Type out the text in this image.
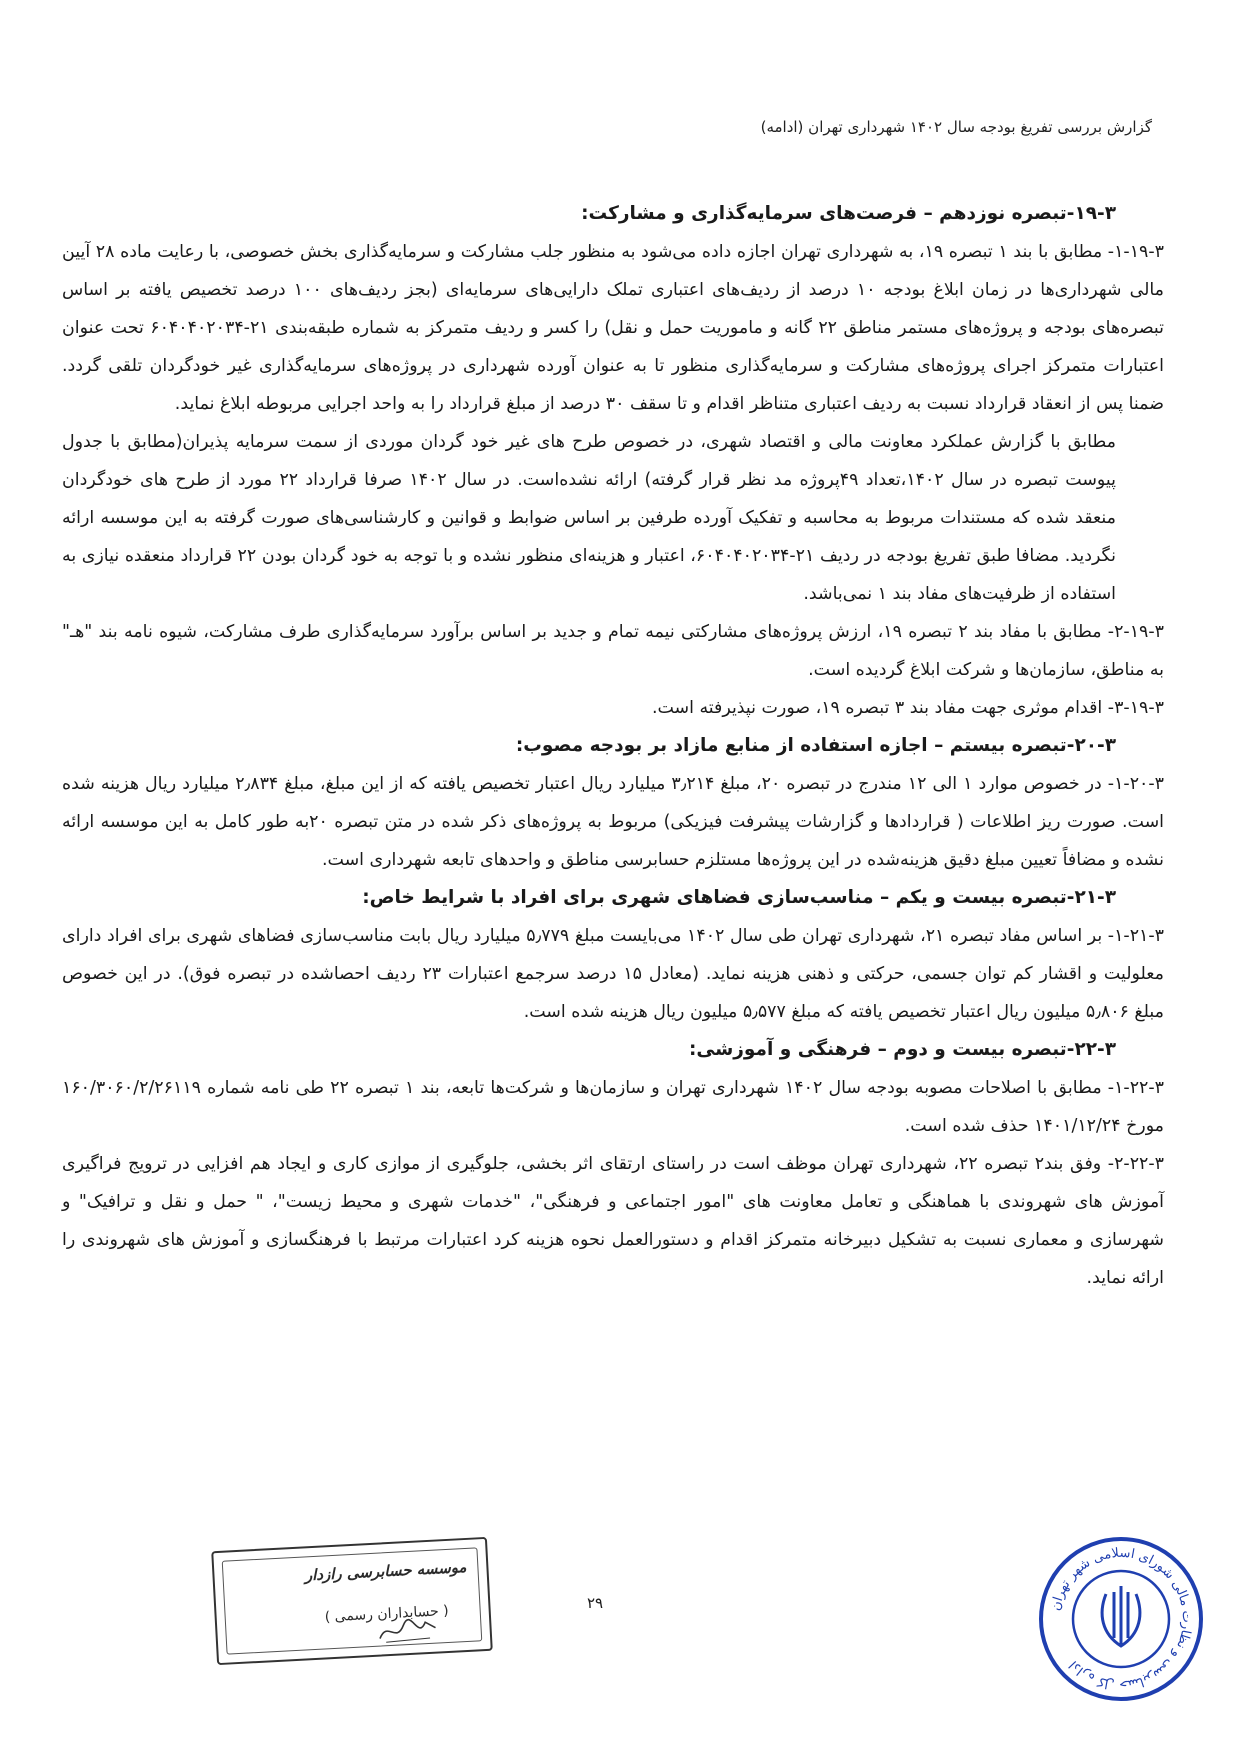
گزارش بررسی تفریغ بودجه سال ۱۴۰۲ شهرداری تهران (ادامه)

۱۹-۳-تبصره نوزدهم – فرصت‌های سرمایه‌گذاری و مشارکت:

۱-۱۹-۳- مطابق با بند ۱ تبصره ۱۹، به شهرداری تهران اجازه داده می‌شود به منظور جلب مشارکت و سرمایه‌گذاری بخش خصوصی، با رعایت ماده ۲۸ آیین مالی شهرداری‌ها در زمان ابلاغ بودجه ۱۰ درصد از ردیف‌های اعتباری تملک دارایی‌های سرمایه‌ای (بجز ردیف‌های ۱۰۰ درصد تخصیص یافته بر اساس تبصره‌های بودجه و پروژه‌های مستمر مناطق ۲۲ گانه و ماموریت حمل و نقل) را کسر و ردیف متمرکز به شماره طبقه‌بندی ۲۱-۶۰۴۰۴۰۲۰۳۴ تحت عنوان اعتبارات متمرکز اجرای پروژه‌های مشارکت و سرمایه‌گذاری منظور تا به عنوان آورده شهرداری در پروژه‌های سرمایه‌گذاری غیر خودگردان تلقی گردد. ضمنا پس از انعقاد قرارداد نسبت به ردیف اعتباری متناظر اقدام و تا سقف ۳۰ درصد از مبلغ قرارداد را به واحد اجرایی مربوطه ابلاغ نماید.

مطابق با گزارش عملکرد معاونت مالی و اقتصاد شهری، در خصوص طرح های غیر خود گردان موردی از سمت سرمایه پذیران(مطابق با جدول پیوست تبصره در سال ۱۴۰۲،تعداد ۴۹پروژه مد نظر قرار گرفته) ارائه نشده‌است. در سال ۱۴۰۲ صرفا قرارداد ۲۲ مورد از طرح های خودگردان منعقد شده که مستندات مربوط به محاسبه و تفکیک آورده طرفین بر اساس ضوابط و قوانین و کارشناسی‌های صورت گرفته به این موسسه ارائه نگردید. مضافا طبق تفریغ بودجه در ردیف ۲۱-۶۰۴۰۴۰۲۰۳۴، اعتبار و هزینه‌ای منظور نشده و با توجه به خود گردان بودن ۲۲ قرارداد منعقده نیازی به استفاده از ظرفیت‌های مفاد بند ۱ نمی‌باشد.

۲-۱۹-۳- مطابق با مفاد بند ۲ تبصره ۱۹، ارزش پروژه‌های مشارکتی نیمه تمام و جدید بر اساس برآورد سرمایه‌گذاری طرف مشارکت، شیوه نامه بند "هـ" به مناطق، سازمان‌ها و شرکت ابلاغ گردیده است.

۳-۱۹-۳- اقدام موثری جهت مفاد بند ۳ تبصره ۱۹، صورت نپذیرفته است.

۲۰-۳-تبصره بیستم – اجازه استفاده از منابع مازاد بر بودجه مصوب:

۱-۲۰-۳- در خصوص موارد ۱ الی ۱۲ مندرج در تبصره ۲۰، مبلغ ۳٫۲۱۴ میلیارد ریال اعتبار تخصیص یافته که از این مبلغ، مبلغ ۲٫۸۳۴ میلیارد ریال هزینه شده است. صورت ریز اطلاعات ( قراردادها و گزارشات پیشرفت فیزیکی) مربوط به پروژه‌های ذکر شده در متن تبصره ۲۰به طور کامل به این موسسه ارائه نشده و مضافاً تعیین مبلغ دقیق هزینه‌شده در این پروژه‌ها مستلزم حسابرسی مناطق و واحدهای تابعه شهرداری است.

۲۱-۳-تبصره بیست و یکم – مناسب‌سازی فضاهای شهری برای افراد با شرایط خاص:

۱-۲۱-۳- بر اساس مفاد تبصره ۲۱، شهرداری تهران طی سال ۱۴۰۲ می‌بایست مبلغ ۵٫۷۷۹ میلیارد ریال بابت مناسب‌سازی فضاهای شهری برای افراد دارای معلولیت و اقشار کم توان جسمی، حرکتی و ذهنی هزینه نماید. (معادل ۱۵ درصد سرجمع اعتبارات ۲۳ ردیف احصاشده در تبصره فوق). در این خصوص مبلغ ۵٫۸۰۶ میلیون ریال اعتبار تخصیص یافته که مبلغ ۵٫۵۷۷ میلیون ریال هزینه شده است.

۲۲-۳-تبصره بیست و دوم – فرهنگی و آموزشی:

۱-۲۲-۳- مطابق با اصلاحات مصوبه بودجه سال ۱۴۰۲ شهرداری تهران و سازمان‌ها و شرکت‌ها تابعه، بند ۱ تبصره ۲۲ طی نامه شماره ۱۶۰/۳۰۶۰/۲/۲۶۱۱۹ مورخ ۱۴۰۱/۱۲/۲۴ حذف شده است.

۲-۲۲-۳- وفق بند۲ تبصره ۲۲، شهرداری تهران موظف است در راستای ارتقای اثر بخشی، جلوگیری از موازی کاری و ایجاد هم افزایی در ترویج فراگیری آموزش های شهروندی با هماهنگی و تعامل معاونت های "امور اجتماعی و فرهنگی"، "خدمات شهری و محیط زیست"، " حمل و نقل و ترافیک" و شهرسازی و معماری نسبت به تشکیل دبیرخانه متمرکز اقدام و دستورالعمل نحوه هزینه کرد اعتبارات مرتبط با فرهنگسازی و آموزش های شهروندی را ارائه نماید.

۲۹
موسسه حسابرسی رازدار
( حسابداران رسمی )	اداره کل حسابرسی و نظارت مالی شورای اسلامی شهر تهران
